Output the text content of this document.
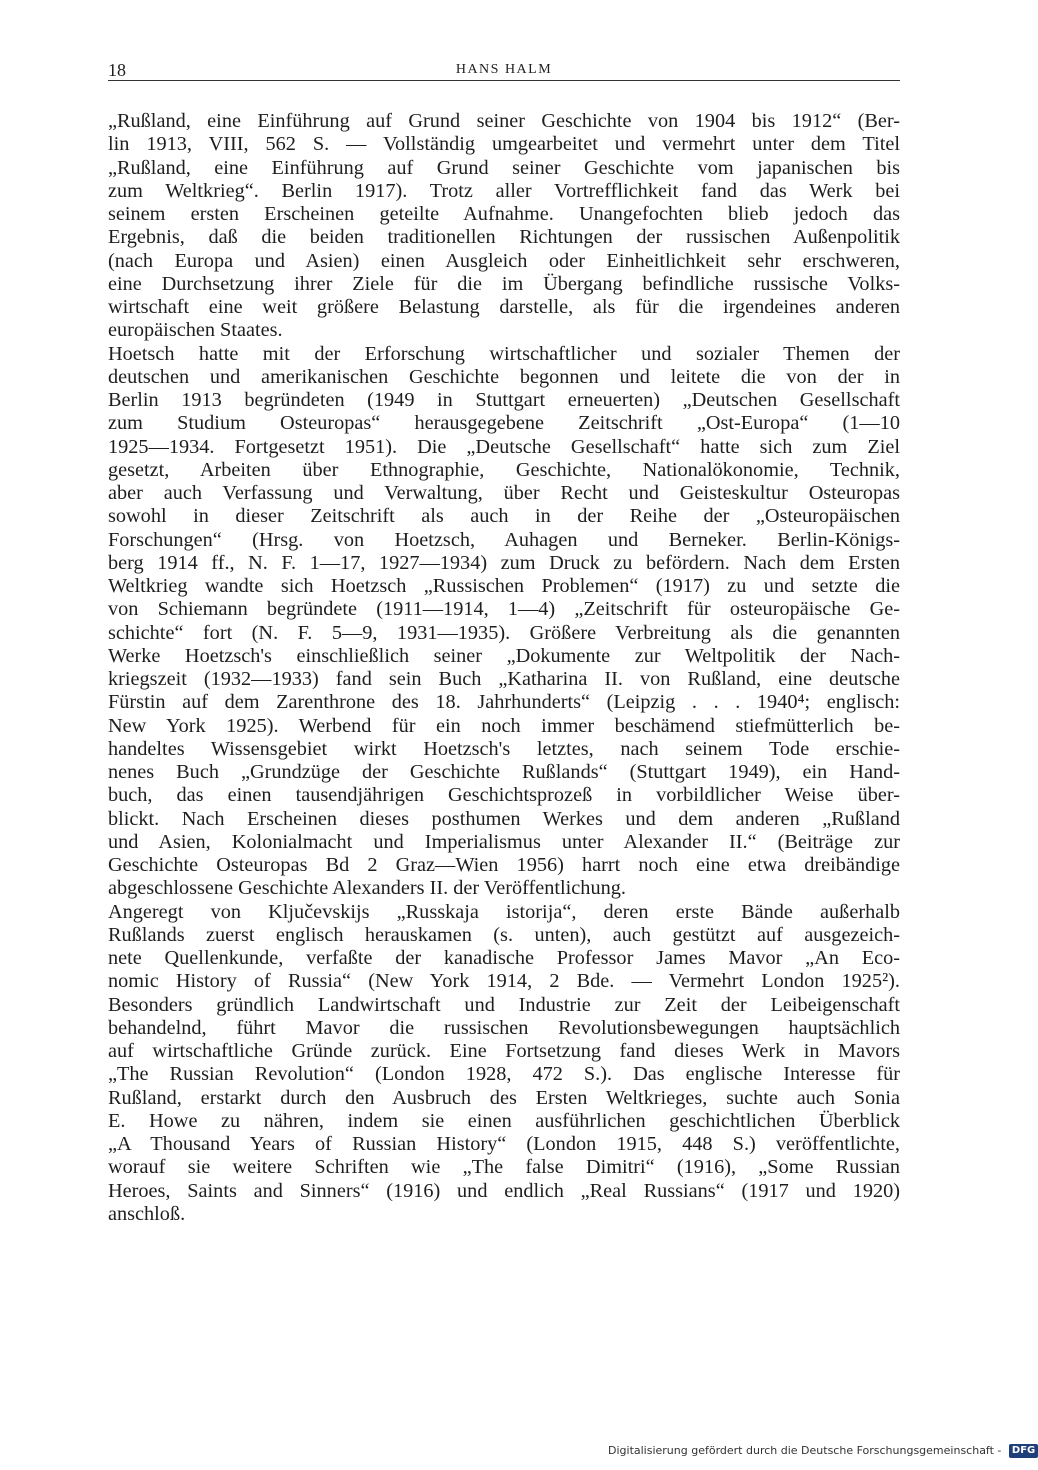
18	HANS HALM
„Rußland, eine Einführung auf Grund seiner Geschichte von 1904 bis 1912“ (Ber-
lin 1913, VIII, 562 S. — Vollständig umgearbeitet und vermehrt unter dem Titel
„Rußland, eine Einführung auf Grund seiner Geschichte vom japanischen bis
zum Weltkrieg“. Berlin 1917). Trotz aller Vortrefflichkeit fand das Werk bei
seinem ersten Erscheinen geteilte Aufnahme. Unangefochten blieb jedoch das
Ergebnis, daß die beiden traditionellen Richtungen der russischen Außenpolitik
(nach Europa und Asien) einen Ausgleich oder Einheitlichkeit sehr erschweren,
eine Durchsetzung ihrer Ziele für die im Übergang befindliche russische Volks-
wirtschaft eine weit größere Belastung darstelle, als für die irgendeines anderen
europäischen Staates.
Hoetsch hatte mit der Erforschung wirtschaftlicher und sozialer Themen der
deutschen und amerikanischen Geschichte begonnen und leitete die von der in
Berlin 1913 begründeten (1949 in Stuttgart erneuerten) „Deutschen Gesellschaft
zum Studium Osteuropas“ herausgegebene Zeitschrift „Ost-Europa“ (1—10
1925—1934. Fortgesetzt 1951). Die „Deutsche Gesellschaft“ hatte sich zum Ziel
gesetzt, Arbeiten über Ethnographie, Geschichte, Nationalökonomie, Technik,
aber auch Verfassung und Verwaltung, über Recht und Geisteskultur Osteuropas
sowohl in dieser Zeitschrift als auch in der Reihe der „Osteuropäischen
Forschungen“ (Hrsg. von Hoetzsch, Auhagen und Berneker. Berlin-Königs-
berg 1914 ff., N. F. 1—17, 1927—1934) zum Druck zu befördern. Nach dem Ersten
Weltkrieg wandte sich Hoetzsch „Russischen Problemen“ (1917) zu und setzte die
von Schiemann begründete (1911—1914, 1—4) „Zeitschrift für osteuropäische Ge-
schichte“ fort (N. F. 5—9, 1931—1935). Größere Verbreitung als die genannten
Werke Hoetzsch's einschließlich seiner „Dokumente zur Weltpolitik der Nach-
kriegszeit (1932—1933) fand sein Buch „Katharina II. von Rußland, eine deutsche
Fürstin auf dem Zarenthrone des 18. Jahrhunderts“ (Leipzig . . . 1940⁴; englisch:
New York 1925). Werbend für ein noch immer beschämend stiefmütterlich be-
handeltes Wissensgebiet wirkt Hoetzsch's letztes, nach seinem Tode erschie-
nenes Buch „Grundzüge der Geschichte Rußlands“ (Stuttgart 1949), ein Hand-
buch, das einen tausendjährigen Geschichtsprozeß in vorbildlicher Weise über-
blickt. Nach Erscheinen dieses posthumen Werkes und dem anderen „Rußland
und Asien, Kolonialmacht und Imperialismus unter Alexander II.“ (Beiträge zur
Geschichte Osteuropas Bd 2 Graz—Wien 1956) harrt noch eine etwa dreibändige
abgeschlossene Geschichte Alexanders II. der Veröffentlichung.
Angeregt von Ključevskijs „Russkaja istorija“, deren erste Bände außerhalb
Rußlands zuerst englisch herauskamen (s. unten), auch gestützt auf ausgezeich-
nete Quellenkunde, verfaßte der kanadische Professor James Mavor „An Eco-
nomic History of Russia“ (New York 1914, 2 Bde. — Vermehrt London 1925²).
Besonders gründlich Landwirtschaft und Industrie zur Zeit der Leibeigenschaft
behandelnd, führt Mavor die russischen Revolutionsbewegungen hauptsächlich
auf wirtschaftliche Gründe zurück. Eine Fortsetzung fand dieses Werk in Mavors
„The Russian Revolution“ (London 1928, 472 S.). Das englische Interesse für
Rußland, erstarkt durch den Ausbruch des Ersten Weltkrieges, suchte auch Sonia
E. Howe zu nähren, indem sie einen ausführlichen geschichtlichen Überblick
„A Thousand Years of Russian History“ (London 1915, 448 S.) veröffentlichte,
worauf sie weitere Schriften wie „The false Dimitri“ (1916), „Some Russian
Heroes, Saints and Sinners“ (1916) und endlich „Real Russians“ (1917 und 1920)
anschloß.
Digitalisierung gefördert durch die Deutsche Forschungsgemeinschaft - DFG
